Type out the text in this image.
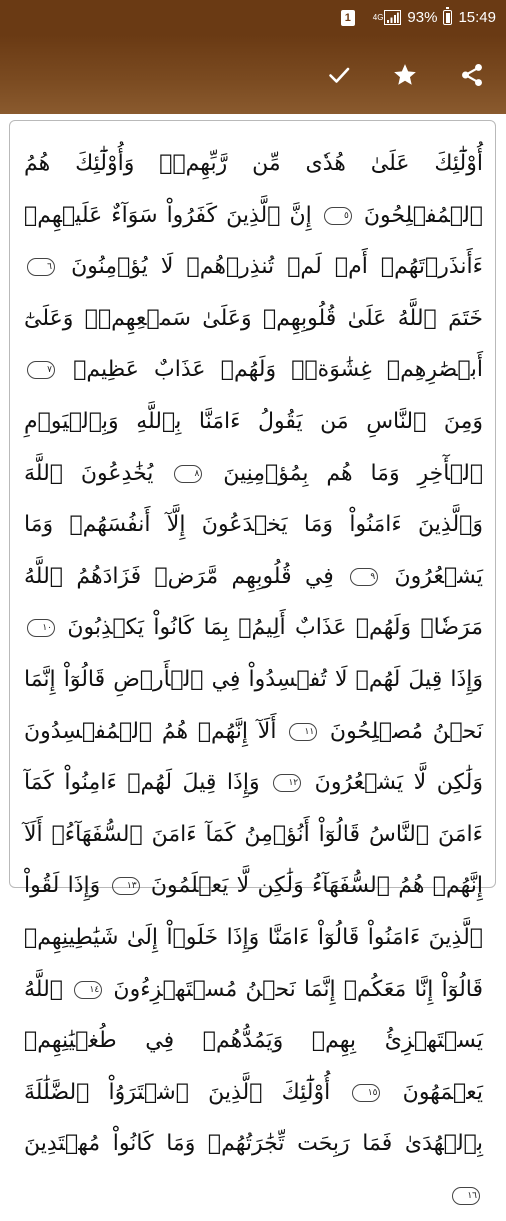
1	4G 93% 15:49

أُوْلَٰٓئِكَ عَلَىٰ هُدٗى مِّن رَّبِّهِمۡۖ وَأُوْلَٰٓئِكَ هُمُ ٱلۡمُفۡلِحُونَ ٥ إِنَّ ٱلَّذِينَ كَفَرُواْ سَوَآءٌ عَلَيۡهِمۡ ءَأَنذَرۡتَهُمۡ أَمۡ لَمۡ تُنذِرۡهُمۡ لَا يُؤۡمِنُونَ ٦ خَتَمَ ٱللَّهُ عَلَىٰ قُلُوبِهِمۡ وَعَلَىٰ سَمۡعِهِمۡۖ وَعَلَىٰٓ أَبۡصَٰرِهِمۡ غِشَٰوَةٞۖ وَلَهُمۡ عَذَابٌ عَظِيمٞ ٧ وَمِنَ ٱلنَّاسِ مَن يَقُولُ ءَامَنَّا بِٱللَّهِ وَبِٱلۡيَوۡمِ ٱلۡأٓخِرِ وَمَا هُم بِمُؤۡمِنِينَ ٨ يُخَٰدِعُونَ ٱللَّهَ وَٱلَّذِينَ ءَامَنُواْ وَمَا يَخۡدَعُونَ إِلَّآ أَنفُسَهُمۡ وَمَا يَشۡعُرُونَ ٩ فِي قُلُوبِهِم مَّرَضٞ فَزَادَهُمُ ٱللَّهُ مَرَضٗاۖ وَلَهُمۡ عَذَابٌ أَلِيمُۢ بِمَا كَانُواْ يَكۡذِبُونَ ١٠ وَإِذَا قِيلَ لَهُمۡ لَا تُفۡسِدُواْ فِي ٱلۡأَرۡضِ قَالُوٓاْ إِنَّمَا نَحۡنُ مُصۡلِحُونَ ١١ أَلَآ إِنَّهُمۡ هُمُ ٱلۡمُفۡسِدُونَ وَلَٰكِن لَّا يَشۡعُرُونَ ١٢ وَإِذَا قِيلَ لَهُمۡ ءَامِنُواْ كَمَآ ءَامَنَ ٱلنَّاسُ قَالُوٓاْ أَنُؤۡمِنُ كَمَآ ءَامَنَ ٱلسُّفَهَآءُۗ أَلَآ إِنَّهُمۡ هُمُ ٱلسُّفَهَآءُ وَلَٰكِن لَّا يَعۡلَمُونَ ١٣ وَإِذَا لَقُواْ ٱلَّذِينَ ءَامَنُواْ قَالُوٓاْ ءَامَنَّا وَإِذَا خَلَوۡاْ إِلَىٰ شَيَٰطِينِهِمۡ قَالُوٓاْ إِنَّا مَعَكُمۡ إِنَّمَا نَحۡنُ مُسۡتَهۡزِءُونَ ١٤ ٱللَّهُ يَسۡتَهۡزِئُ بِهِمۡ وَيَمُدُّهُمۡ فِي طُغۡيَٰنِهِمۡ يَعۡمَهُونَ ١٥ أُوْلَٰٓئِكَ ٱلَّذِينَ ٱشۡتَرَوُاْ ٱلضَّلَٰلَةَ بِٱلۡهُدَىٰ فَمَا رَبِحَت تِّجَٰرَتُهُمۡ وَمَا كَانُواْ مُهۡتَدِينَ ١٦
